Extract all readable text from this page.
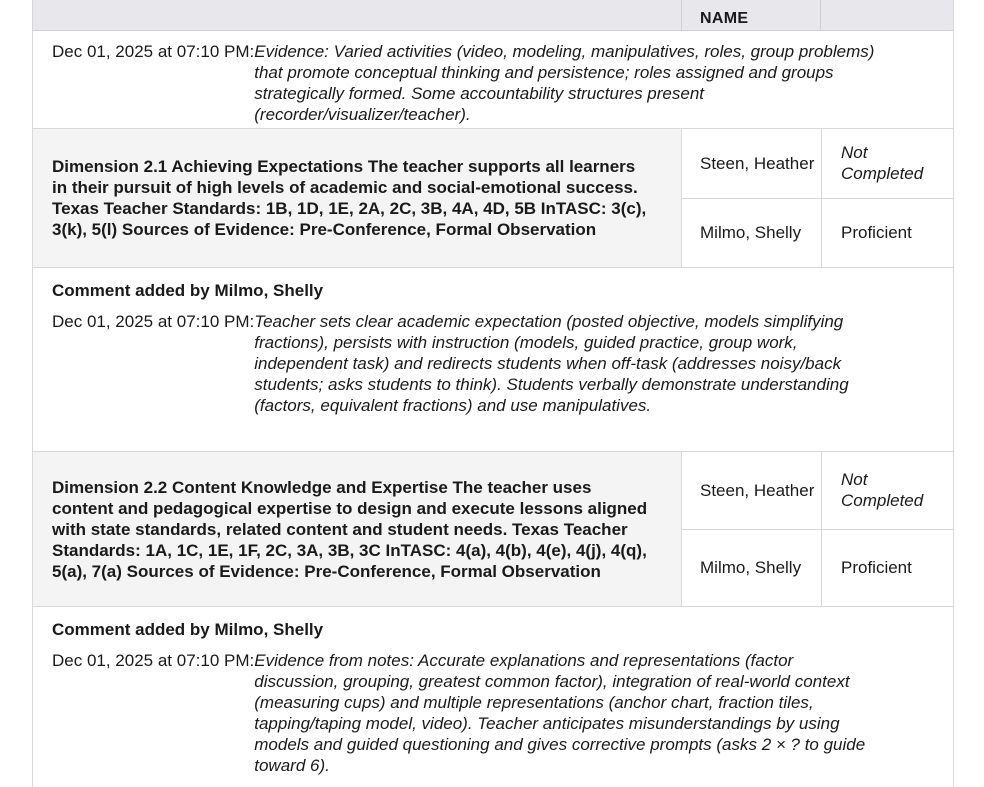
NAME
Dec 01, 2025 at 07:10 PM: Evidence: Varied activities (video, modeling, manipulatives, roles, group problems) that promote conceptual thinking and persistence; roles assigned and groups strategically formed. Some accountability structures present (recorder/visualizer/teacher).
Dimension 2.1 Achieving Expectations The teacher supports all learners in their pursuit of high levels of academic and social-emotional success. Texas Teacher Standards: 1B, 1D, 1E, 2A, 2C, 3B, 4A, 4D, 5B InTASC: 3(c), 3(k), 5(l) Sources of Evidence: Pre-Conference, Formal Observation
Steen, Heather
Not Completed
Milmo, Shelly	Proficient
Comment added by Milmo, Shelly
Dec 01, 2025 at 07:10 PM: Teacher sets clear academic expectation (posted objective, models simplifying fractions), persists with instruction (models, guided practice, group work, independent task) and redirects students when off-task (addresses noisy/back students; asks students to think). Students verbally demonstrate understanding (factors, equivalent fractions) and use manipulatives.
Dimension 2.2 Content Knowledge and Expertise The teacher uses content and pedagogical expertise to design and execute lessons aligned with state standards, related content and student needs. Texas Teacher Standards: 1A, 1C, 1E, 1F, 2C, 3A, 3B, 3C InTASC: 4(a), 4(b), 4(e), 4(j), 4(q), 5(a), 7(a) Sources of Evidence: Pre-Conference, Formal Observation
Steen, Heather
Not Completed
Milmo, Shelly	Proficient
Comment added by Milmo, Shelly
Dec 01, 2025 at 07:10 PM: Evidence from notes: Accurate explanations and representations (factor discussion, grouping, greatest common factor), integration of real-world context (measuring cups) and multiple representations (anchor chart, fraction tiles, tapping/taping model, video). Teacher anticipates misunderstandings by using models and guided questioning and gives corrective prompts (asks 2 × ? to guide toward 6).
